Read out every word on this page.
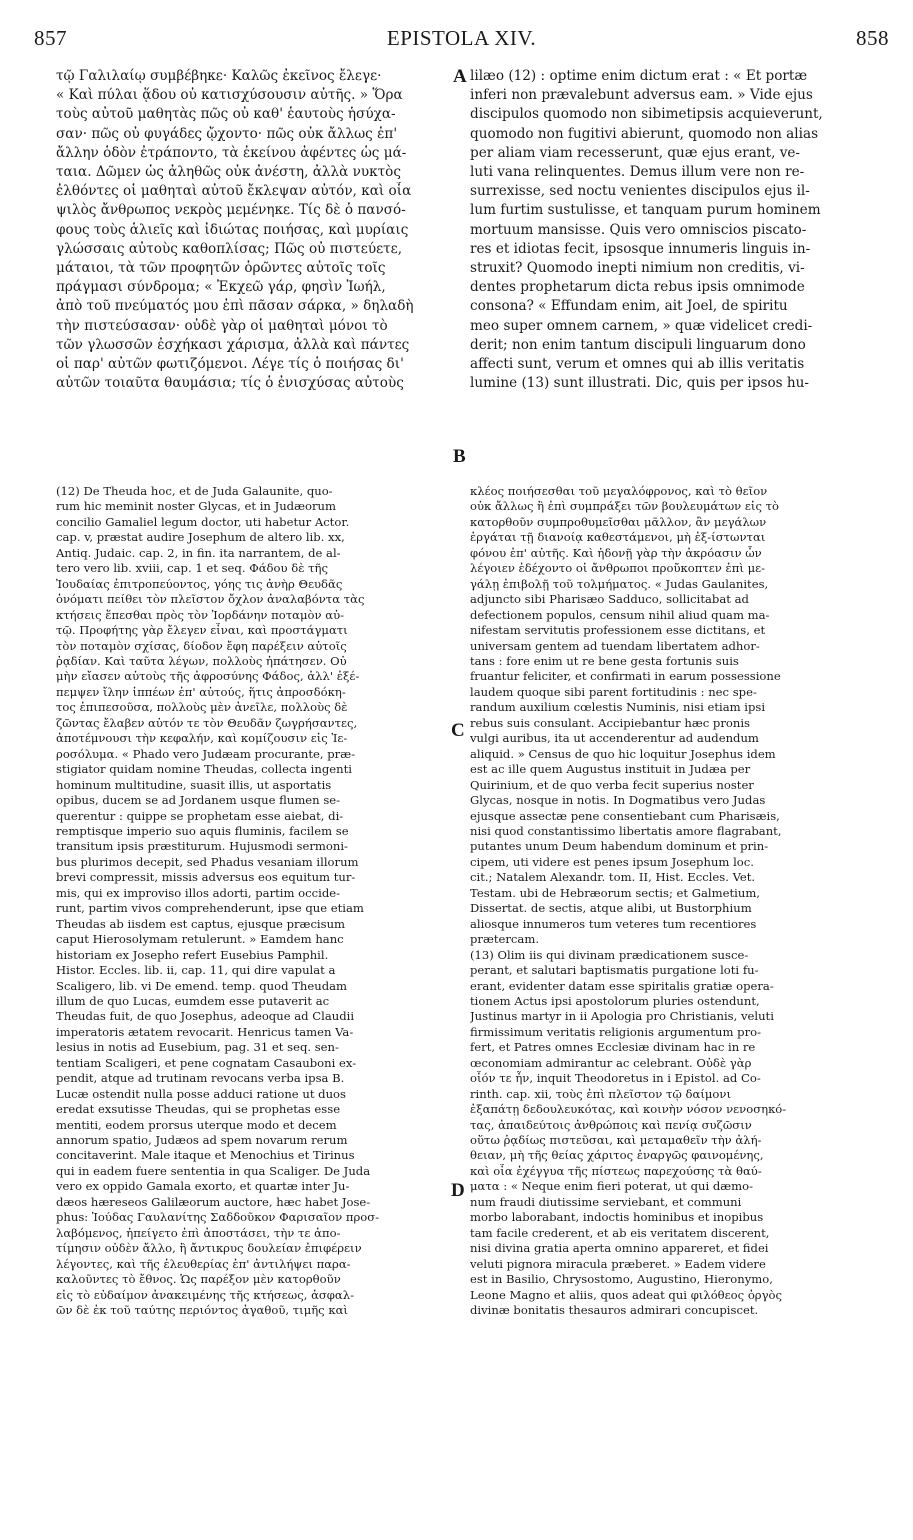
857	EPISTOLA XIV.	858
τῷ Γαλιλαίῳ συμβέβηκε· Καλῶς ἐκεῖνος ἔλεγε·
« Καὶ πύλαι ᾅδου οὐ κατισχύσουσιν αὐτῆς. » Ὅρα
τοὺς αὐτοῦ μαθητὰς πῶς οὐ καθ' ἑαυτοὺς ἡσύχα-
σαν· πῶς οὐ φυγάδες ᾤχοντο· πῶς οὐκ ἄλλως ἐπ'
ἄλλην ὁδὸν ἐτράποντο, τὰ ἐκείνου ἀφέντες ὡς μά-
ταια. Δῶμεν ὡς ἀληθῶς οὐκ ἀνέστη, ἀλλὰ νυκτὸς
ἐλθόντες οἱ μαθηταὶ αὐτοῦ ἔκλεψαν αὐτόν, καὶ οἷα
ψιλὸς ἄνθρωπος νεκρὸς μεμένηκε. Τίς δὲ ὁ πανσό-
φους τοὺς ἁλιεῖς καὶ ἰδιώτας ποιήσας, καὶ μυρίαις
γλώσσαις αὐτοὺς καθοπλίσας; Πῶς οὐ πιστεύετε,
μάταιοι, τὰ τῶν προφητῶν ὁρῶντες αὐτοῖς τοῖς
πράγμασι σύνδρομα; « Ἐκχεῶ γάρ, φησὶν Ἰωήλ,
ἀπὸ τοῦ πνεύματός μου ἐπὶ πᾶσαν σάρκα, » δηλαδὴ
τὴν πιστεύσασαν· οὐδὲ γὰρ οἱ μαθηταὶ μόνοι τὸ
τῶν γλωσσῶν ἐσχήκασι χάρισμα, ἀλλὰ καὶ πάντες
οἱ παρ' αὐτῶν φωτιζόμενοι. Λέγε τίς ὁ ποιήσας δι'
αὐτῶν τοιαῦτα θαυμάσια; τίς ὁ ἐνισχύσας αὐτοὺς
lilæo (12) : optime enim dictum erat : « Et portæ
inferi non prævalebunt adversus eam. » Vide ejus
discipulos quomodo non sibimetipsis acquieverunt,
quomodo non fugitivi abierunt, quomodo non alias
per aliam viam recesserunt, quæ ejus erant, ve-
luti vana relinquentes. Demus illum vere non re-
surrexisse, sed noctu venientes discipulos ejus il-
lum furtim sustulisse, et tanquam purum hominem
mortuum mansisse. Quis vero omniscios piscato-
res et idiotas fecit, ipsosque innumeris linguis in-
struxit? Quomodo inepti nimium non creditis, vi-
dentes prophetarum dicta rebus ipsis omnimode
consona? « Effundam enim, ait Joel, de spiritu
meo super omnem carnem, » quæ videlicet credi-
derit; non enim tantum discipuli linguarum dono
affecti sunt, verum et omnes qui ab illis veritatis
lumine (13) sunt illustrati. Dic, quis per ipsos hu-
(12) De Theuda hoc, et de Juda Galaunite, quo-
rum hic meminit noster Glycas, et in Judæorum
concilio Gamaliel legum doctor, uti habetur Actor.
cap. v, præstat audire Josephum de altero lib. xx,
Antiq. Judaic. cap. 2, in fin. ita narrantem, de al-
tero vero lib. xviii, cap. 1 et seq. Φάδου δὲ τῆς
Ἰουδαίας ἐπιτροπεύοντος, γόης τις ἀνὴρ Θευδᾶς
ὀνόματι πείθει τὸν πλεῖστον ὄχλον ἀναλαβόντα τὰς
κτήσεις ἕπεσθαι πρὸς τὸν Ἰορδάνην ποταμὸν αὐ-
τῷ. Προφήτης γὰρ ἔλεγεν εἶναι, καὶ προστάγματι
τὸν ποταμὸν σχίσας, δίοδον ἔφη παρέξειν αὐτοῖς
ῥᾳδίαν. Καὶ ταῦτα λέγων, πολλοὺς ἠπάτησεν. Οὐ
μὴν εἴασεν αὐτοὺς τῆς ἀφροσύνης Φάδος, ἀλλ' ἐξέ-
πεμψεν ἴλην ἱππέων ἐπ' αὐτούς, ἥτις ἀπροσδόκη-
τος ἐπιπεσοῦσα, πολλοὺς μὲν ἀνεῖλε, πολλοὺς δὲ
ζῶντας ἔλαβεν αὐτόν τε τὸν Θευδᾶν ζωγρήσαντες,
ἀποτέμνουσι τὴν κεφαλήν, καὶ κομίζουσιν εἰς Ἱε-
ροσόλυμα. « Phado vero Judæam procurante, præ-
stigiator quidam nomine Theudas, collecta ingenti
hominum multitudine, suasit illis, ut asportatis
opibus, ducem se ad Jordanem usque flumen se-
querentur : quippe se prophetam esse aiebat, di-
remptisque imperio suo aquis fluminis, facilem se
transitum ipsis præstiturum. Hujusmodi sermoni-
bus plurimos decepit, sed Phadus vesaniam illorum
brevi compressit, missis adversus eos equitum tur-
mis, qui ex improviso illos adorti, partim occide-
runt, partim vivos comprehenderunt, ipse que etiam
Theudas ab iisdem est captus, ejusque præcisum
caput Hierosolymam retulerunt. » Eamdem hanc
historiam ex Josepho refert Eusebius Pamphil.
Histor. Eccles. lib. ii, cap. 11, qui dire vapulat a
Scaligero, lib. vi De emend. temp. quod Theudam
illum de quo Lucas, eumdem esse putaverit ac
Theudas fuit, de quo Josephus, adeoque ad Claudii
imperatoris ætatem revocarit. Henricus tamen Va-
lesius in notis ad Eusebium, pag. 31 et seq. sen-
tentiam Scaligeri, et pene cognatam Casauboni ex-
pendit, atque ad trutinam revocans verba ipsa B.
Lucæ ostendit nulla posse adduci ratione ut duos
eredat exsutisse Theudas, qui se prophetas esse
mentiti, eodem prorsus uterque modo et decem
annorum spatio, Judæos ad spem novarum rerum
concitaverint. Male itaque et Menochius et Tirinus
qui in eadem fuere sententia in qua Scaliger. De Juda
vero ex oppido Gamala exorto, et quartæ inter Ju-
dæos hæreseos Galilæorum auctore, hæc habet Jose-
phus: Ἰούδας Γαυλανίτης Σαδδοῦκον Φαρισαῖον προσ-
λαβόμενος, ἠπείγετο ἐπὶ ἀποστάσει, τὴν τε ἀπο-
τίμησιν οὐδὲν ἄλλο, ἢ ἄντικρυς δουλείαν ἐπιφέρειν
λέγοντες, καὶ τῆς ἐλευθερίας ἐπ' ἀντιλήψει παρα-
καλοῦντες τὸ ἔθνος. Ὡς παρέξον μὲν κατορθοῦν
εἰς τὸ εὐδαίμον ἀνακειμένης τῆς κτήσεως, ἀσφαλ-
ῶν δὲ ἐκ τοῦ ταύτης περιόντος ἀγαθοῦ, τιμῆς καὶ
κλέος ποιήσεσθαι τοῦ μεγαλόφρονος, καὶ τὸ θεῖον
οὐκ ἄλλως ἢ ἐπὶ συμπράξει τῶν βουλευμάτων εἰς τὸ
κατορθοῦν συμπροθυμεῖσθαι μᾶλλον, ἂν μεγάλων
ἐργάται τῇ διανοίᾳ καθεστάμενοι, μὴ ἐξ-ίστωνται
φόνου ἐπ' αὐτῆς. Καὶ ἡδονῇ γὰρ τὴν ἀκρόασιν ὧν
λέγοιεν ἐδέχοντο οἱ ἄνθρωποι προὔκοπτεν ἐπὶ με-
γάλῃ ἐπιβολῇ τοῦ τολμήματος. « Judas Gaulanites,
adjuncto sibi Pharisæo Sadduco, sollicitabat ad
defectionem populos, censum nihil aliud quam ma-
nifestam servitutis professionem esse dictitans, et
universam gentem ad tuendam libertatem adhor-
tans : fore enim ut re bene gesta fortunis suis
fruantur feliciter, et confirmati in earum possessione
laudem quoque sibi parent fortitudinis : nec spe-
randum auxilium cœlestis Numinis, nisi etiam ipsi
rebus suis consulant. Accipiebantur hæc pronis
vulgi auribus, ita ut accenderentur ad audendum
aliquid. » Census de quo hic loquitur Josephus idem
est ac ille quem Augustus instituit in Judæa per
Quirinium, et de quo verba fecit superius noster
Glycas, nosque in notis. In Dogmatibus vero Judas
ejusque assectæ pene consentiebant cum Pharisæis,
nisi quod constantissimo libertatis amore flagrabant,
putantes unum Deum habendum dominum et prin-
cipem, uti videre est penes ipsum Josephum loc.
cit.; Natalem Alexandr. tom. II, Hist. Eccles. Vet.
Testam. ubi de Hebræorum sectis; et Galmetium,
Dissertat. de sectis, atque alibi, ut Bustorphium
aliosque innumeros tum veteres tum recentiores
prætercam.
(13) Olim iis qui divinam prædicationem susce-
perant, et salutari baptismatis purgatione loti fu-
erant, evidenter datam esse spiritalis gratiæ opera-
tionem Actus ipsi apostolorum pluries ostendunt,
Justinus martyr in ii Apologia pro Christianis, veluti
firmissimum veritatis religionis argumentum pro-
fert, et Patres omnes Ecclesiæ divinam hac in re
œconomiam admirantur ac celebrant. Οὐδὲ γὰρ
οἷόν τε ἦν, inquit Theodoretus in i Epistol. ad Co-
rinth. cap. xii, τοὺς ἐπὶ πλεῖστον τῷ δαίμονι
ἐξαπάτῃ δεδουλευκότας, καὶ κοινὴν νόσον νενοσηκό-
τας, ἀπαιδεύτοις ἀνθρώποις καὶ πενίᾳ συζῶσιν
οὕτω ῥᾳδίως πιστεῦσαι, καὶ μεταμαθεῖν τὴν ἀλή-
θειαν, μὴ τῆς θείας χάριτος ἐναργῶς φαινομένης,
καὶ οἷα ἐχέγγυα τῆς πίστεως παρεχούσης τὰ θαύ-
ματα : « Neque enim fieri poterat, ut qui dæmo-
num fraudi diutissime serviebant, et communi
morbo laborabant, indoctis hominibus et inopibus
tam facile crederent, et ab eis veritatem discerent,
nisi divina gratia aperta omnino appareret, et fidei
veluti pignora miracula præberet. » Eadem videre
est in Basilio, Chrysostomo, Augustino, Hieronymo,
Leone Magno et aliis, quos adeat qui φιλόθεος ὀργὸς
divinæ bonitatis thesauros admirari concupiscet.
A
B
C
D
